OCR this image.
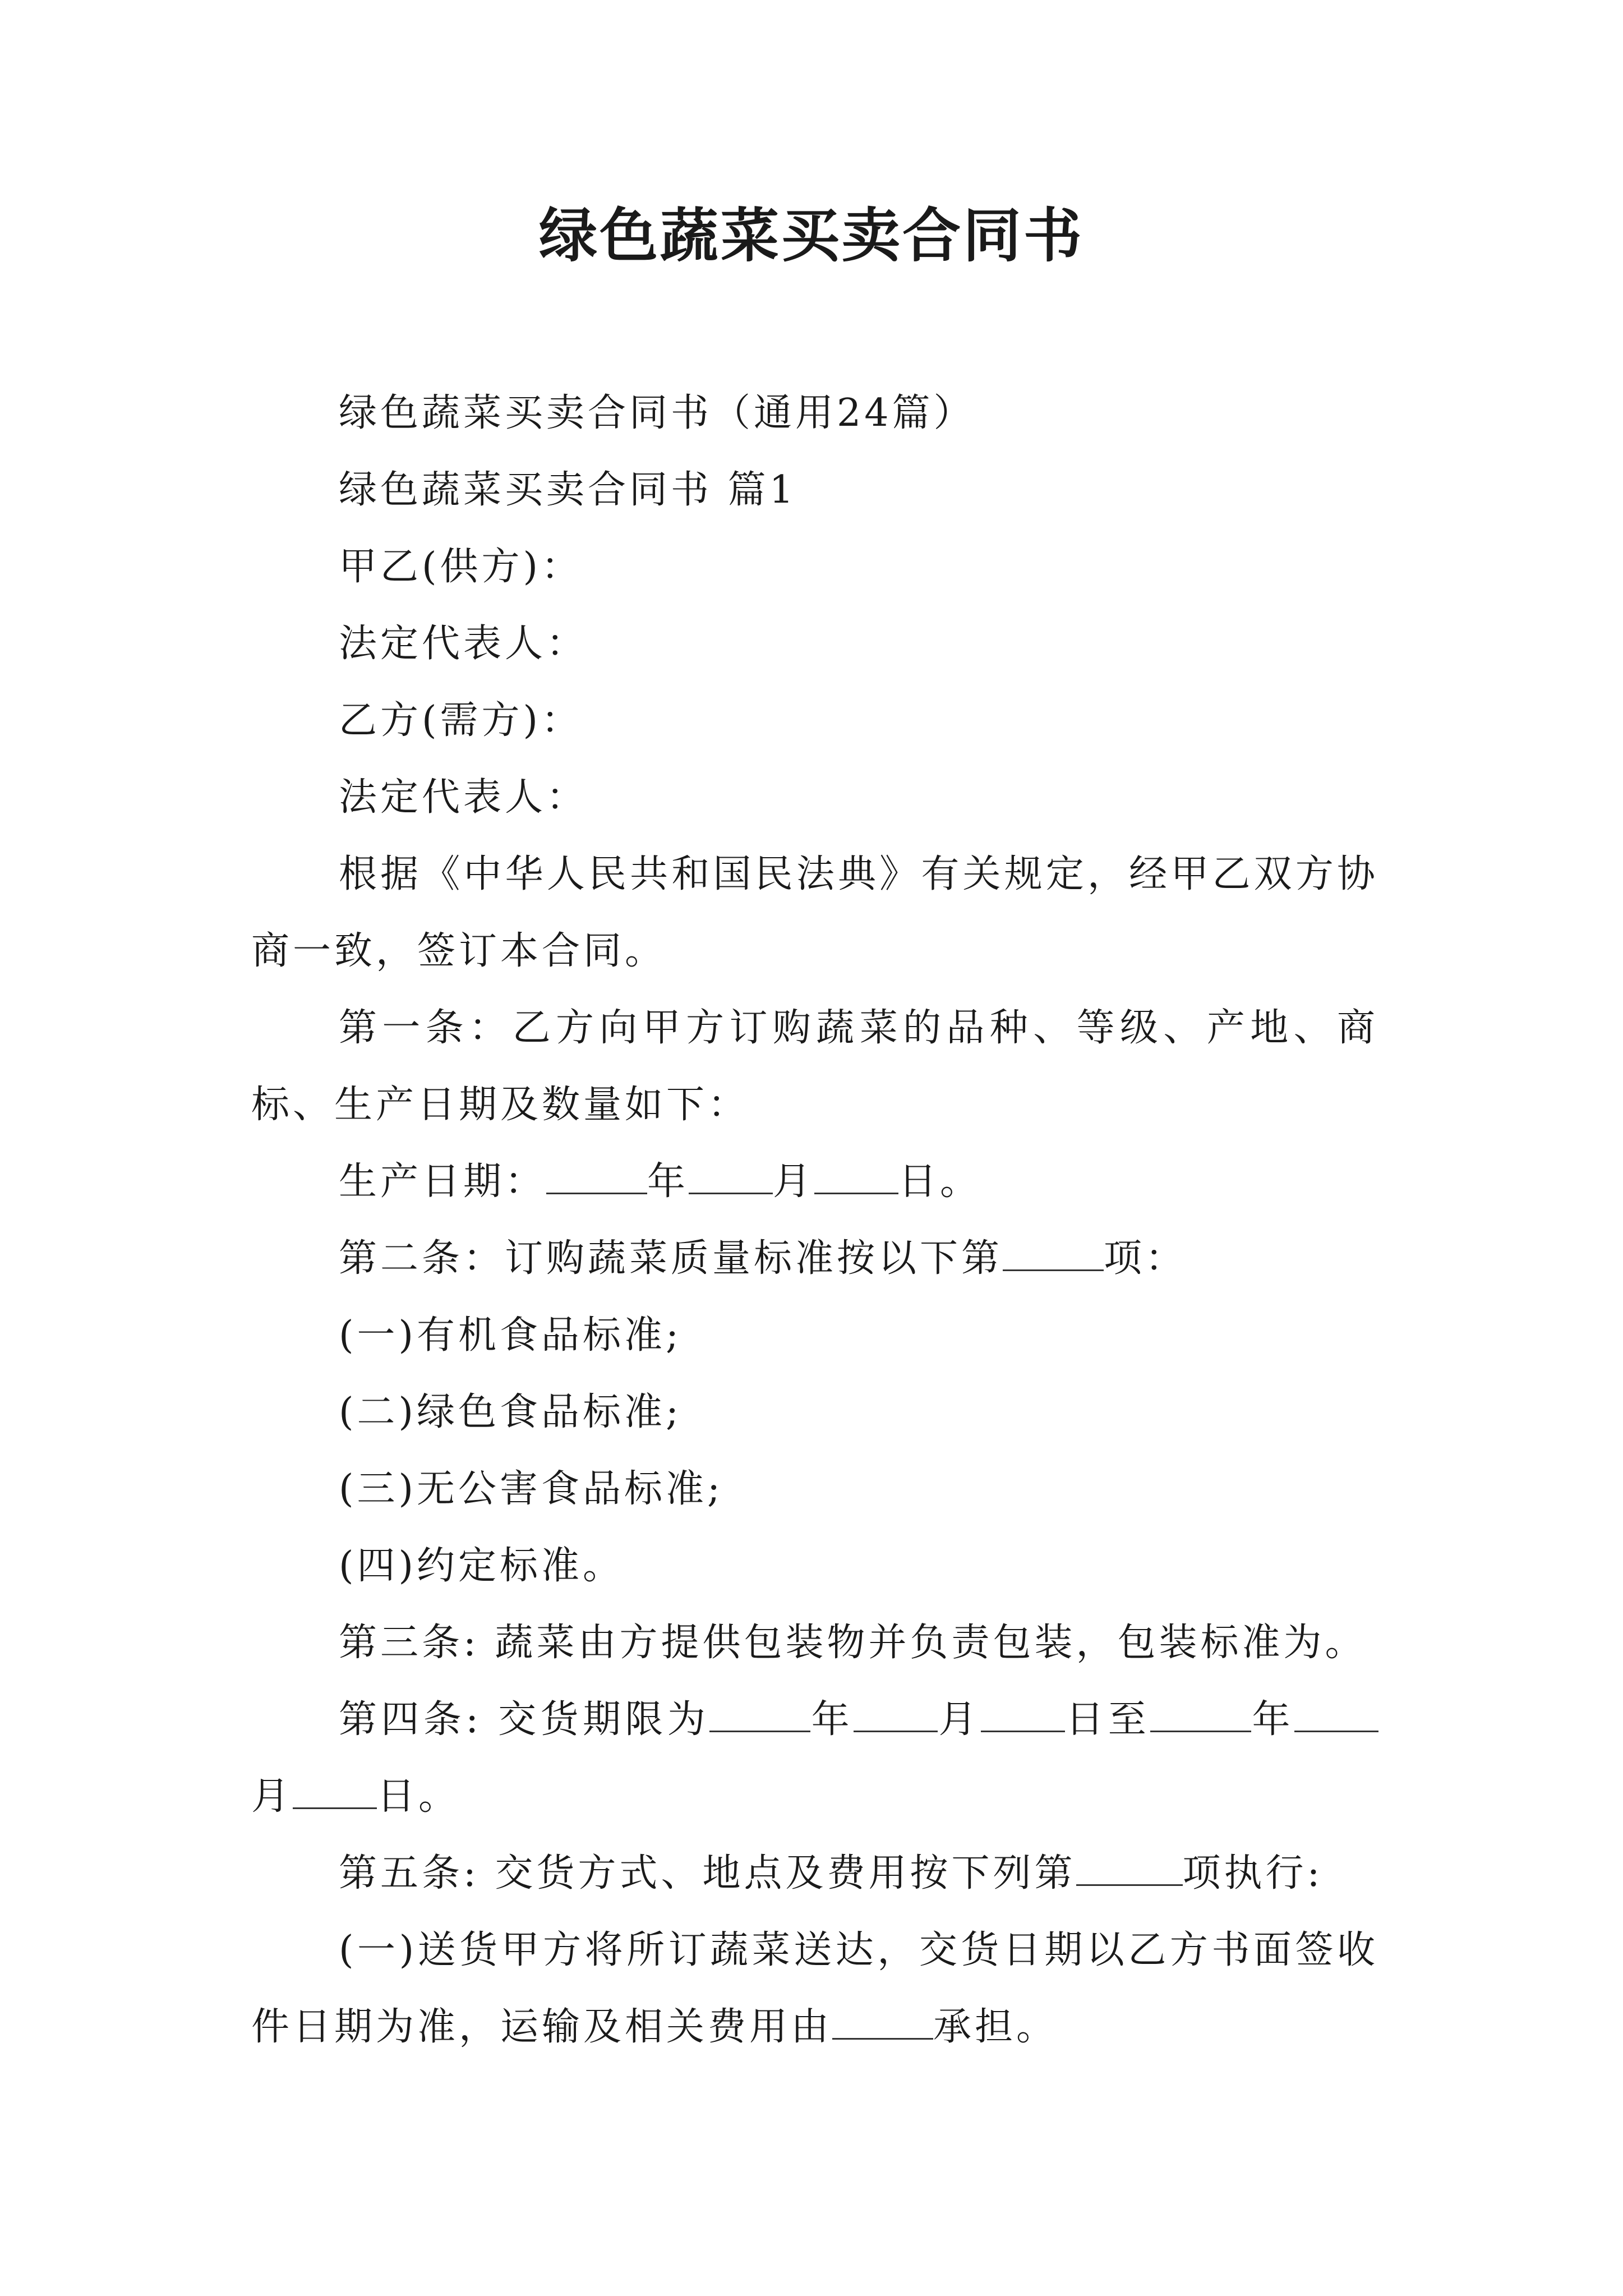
绿色蔬菜买卖合同书

绿色蔬菜买卖合同书（通用24篇）

绿色蔬菜买卖合同书 篇1

甲乙(供方)：

法定代表人：

乙方(需方)：

法定代表人：

根据《中华人民共和国民法典》有关规定，经甲乙双方协商一致，签订本合同。

第一条：乙方向甲方订购蔬菜的品种、等级、产地、商标、生产日期及数量如下：

生产日期：	年 月 日。

第二条：订购蔬菜质量标准按以下第	项：

(一)有机食品标准;

(二)绿色食品标准;

(三)无公害食品标准;

(四)约定标准。

第三条: 蔬菜由方提供包装物并负责包装，包装标准为。

第四条: 交货期限为	年 月 日至	年月 日。

第五条: 交货方式、地点及费用按下列第	项执行:

(一)送货甲方将所订蔬菜送达，交货日期以乙方书面签收件日期为准，运输及相关费用由	承担。
